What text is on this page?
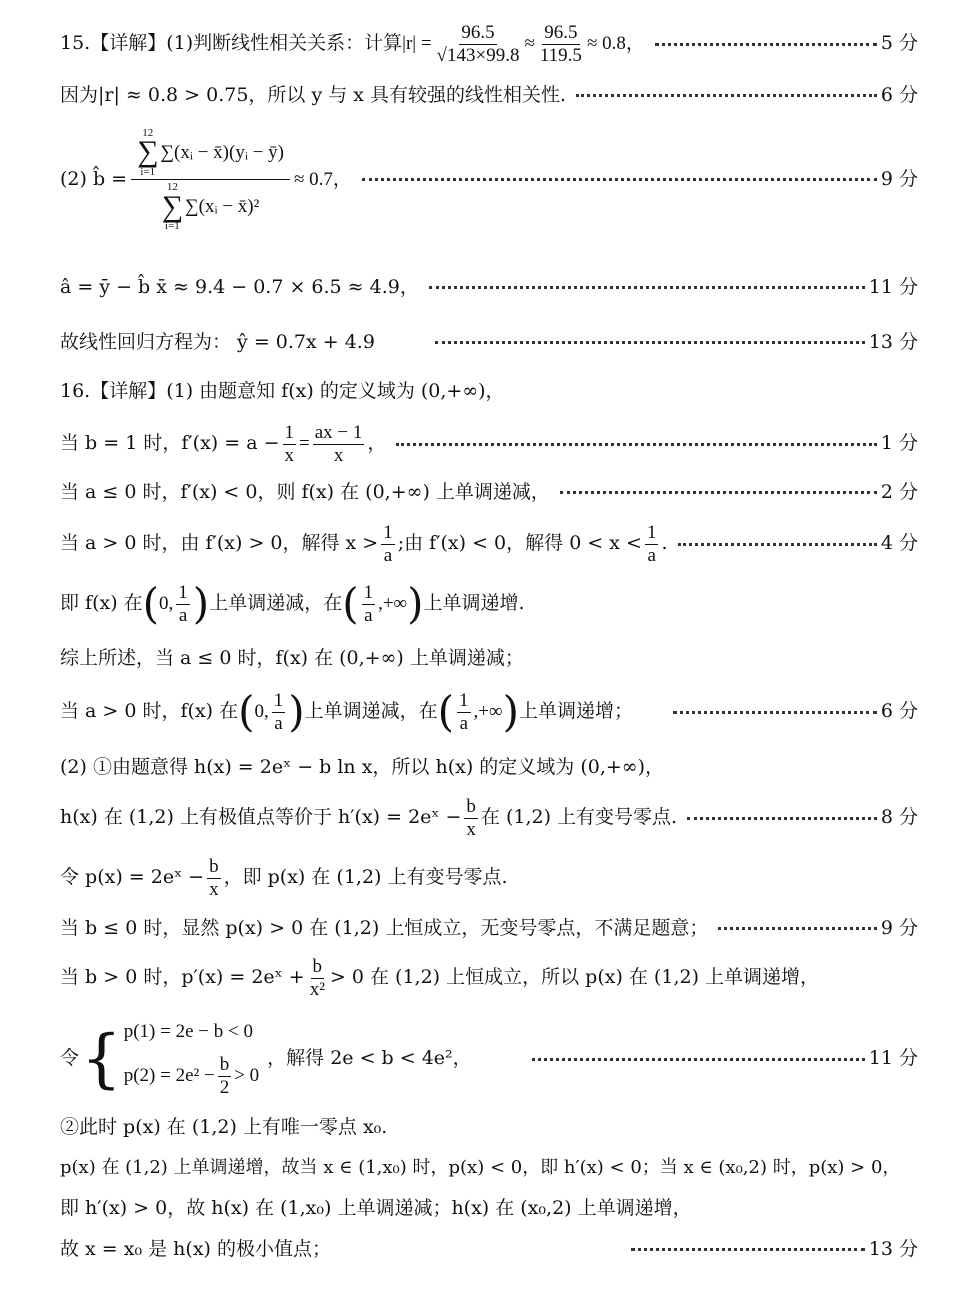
15.【详解】(1)判断线性相关关系：计算 $|r| = \frac{96.5}{√143\times 99.8} \approx \frac{96.5}{119.5} \approx 0.8$，	5 分
因为|r| ≈ 0.8 > 0.75，所以 y 与 x 具有较强的线性相关性.	6 分
(2) b̂ = 12
∑
i=1
∑(xᵢ − x̄)(yᵢ − ȳ)
12
∑
i=1
∑(xᵢ − x̄)² ≈ 0.7，	9 分
â = ȳ − b̂ x̄ ≈ 9.4 − 0.7 × 6.5 ≈ 4.9，	11 分
故线性回归方程为： ŷ = 0.7x + 4.9	13 分
16.【详解】(1) 由题意知 f(x) 的定义域为 (0,+∞)，
当 b = 1 时，$f'(x) = a - \frac{1}{x} = \frac{ax - 1}{x}$ ，	1 分
当 a ≤ 0 时，f′(x) < 0，则 f(x) 在 (0,+∞) 上单调递减，	2 分
当 a > 0 时，由 f′(x) > 0，解得 $x > \frac{1}{a}$ ;由 f′(x) < 0，解得 $0 < x < \frac{1}{a}$ .	4 分
即 f(x) 在 ( 0, $\frac{1}{a}$ ) 上单调递减，在 ( $\frac{1}{a}$ ,+∞ ) 上单调递增.
综上所述，当 a ≤ 0 时，f(x) 在 (0,+∞) 上单调递减；
当 a > 0 时，f(x) 在 ( 0, $\frac{1}{a}$ ) 上单调递减，在 ( $\frac{1}{a}$ ,+∞ ) 上单调递增；	6 分
(2) ①由题意得 h(x) = 2eˣ − b ln x，所以 h(x) 的定义域为 (0,+∞)，
h(x) 在 (1,2) 上有极值点等价于 h′(x) = 2eˣ − $\frac{b}{x}$ 在 (1,2) 上有变号零点.	8 分
令 p(x) = 2eˣ − $\frac{b}{x}$ ，即 p(x) 在 (1,2) 上有变号零点.
当 b ≤ 0 时，显然 p(x) > 0 在 (1,2) 上恒成立，无变号零点，不满足题意；	9 分
当 b > 0 时，p′(x) = 2eˣ + $\frac{b}{\text{x²}} > 0$ 在 (1,2) 上恒成立，所以 p(x) 在 (1,2) 上单调递增，
令 { p(1) = 2e − b < 0
$p(2) = 2e^2 - \frac{b}{2} > 0$
，解得 2e < b < 4e²，	11 分
②此时 p(x) 在 (1,2) 上有唯一零点 x₀.
p(x) 在 (1,2) 上单调递增，故当 x ∈ (1,x₀) 时，p(x) < 0，即 h′(x) < 0；当 x ∈ (x₀,2) 时，p(x) > 0，
即 h′(x) > 0，故 h(x) 在 (1,x₀) 上单调递减；h(x) 在 (x₀,2) 上单调递增，
故 x = x₀ 是 h(x) 的极小值点；	13 分
